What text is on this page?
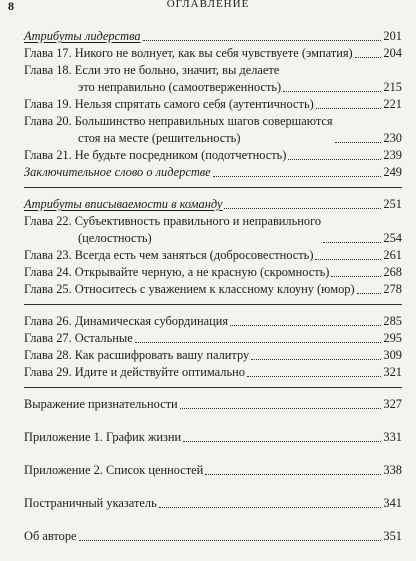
8	ОГЛАВЛЕНИЕ
Атрибуты лидерства	201
Глава 17. Никого не волнует, как вы себя чувствуете (эмпатия) 204
Глава 18. Если это не больно, значит, вы делаете
это неправильно (самоотверженность)	215
Глава 19. Нельзя спрятать самого себя (аутентичность)	221
Глава 20. Большинство неправильных шагов совершаются
стоя на месте (решительность)	230
Глава 21. Не будьте посредником (подотчетность)	239
Заключительное слово о лидерстве	249
Атрибуты вписываемости в команду	251
Глава 22. Субъективность правильного и неправильного
(целостность)	254
Глава 23. Всегда есть чем заняться (добросовестность)	261
Глава 24. Открывайте черную, а не красную (скромность)	268
Глава 25. Относитесь с уважением к классному клоуну (юмор) 278
Глава 26. Динамическая субординация	285
Глава 27. Остальные	295
Глава 28. Как расшифровать вашу палитру	309
Глава 29. Идите и действуйте оптимально	321
Выражение признательности	327
Приложение 1. График жизни	331
Приложение 2. Список ценностей	338
Постраничный указатель	341
Об авторе	351
